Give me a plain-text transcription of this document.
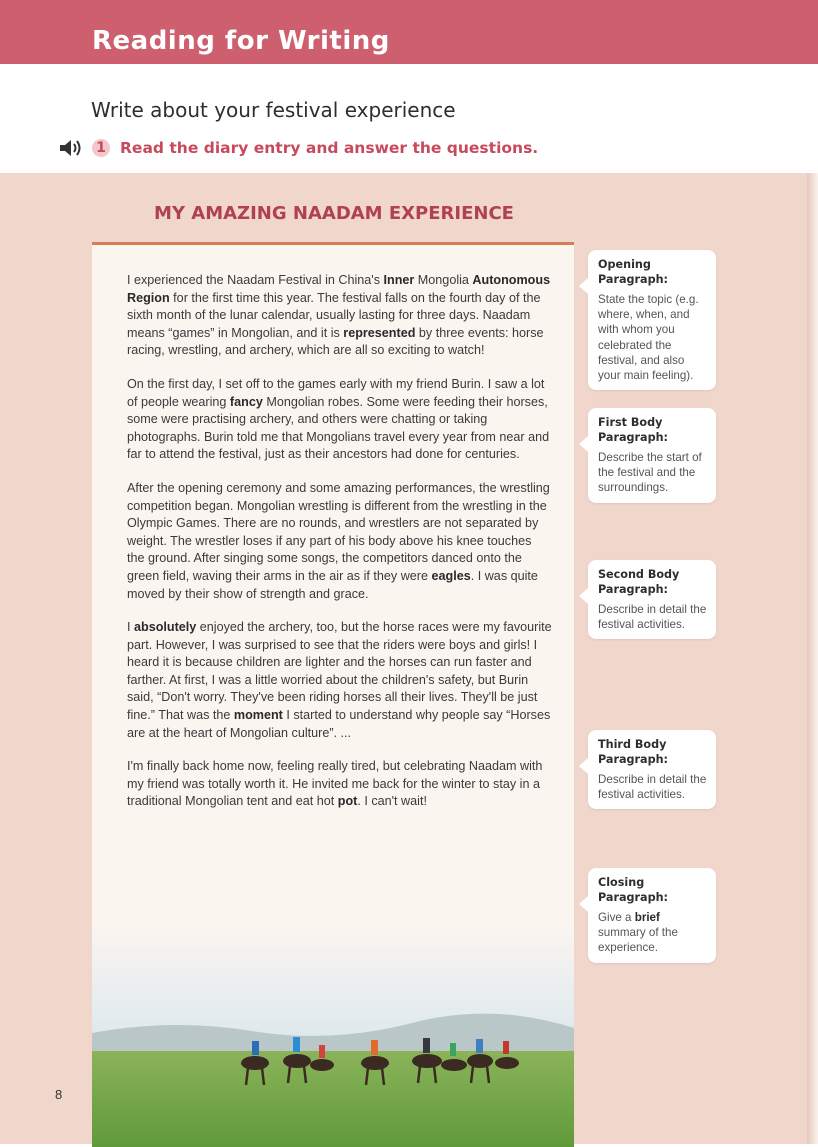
Reading for Writing
Write about your festival experience
1 Read the diary entry and answer the questions.
MY AMAZING NAADAM EXPERIENCE

I experienced the Naadam Festival in China's Inner Mongolia Autonomous Region for the first time this year. The festival falls on the fourth day of the sixth month of the lunar calendar, usually lasting for three days. Naadam means “games” in Mongolian, and it is represented by three events: horse racing, wrestling, and archery, which are all so exciting to watch!

On the first day, I set off to the games early with my friend Burin. I saw a lot of people wearing fancy Mongolian robes. Some were feeding their horses, some were practising archery, and others were chatting or taking photographs. Burin told me that Mongolians travel every year from near and far to attend the festival, just as their ancestors had done for centuries.

After the opening ceremony and some amazing performances, the wrestling competition began. Mongolian wrestling is different from the wrestling in the Olympic Games. There are no rounds, and wrestlers are not separated by weight. The wrestler loses if any part of his body above his knee touches the ground. After singing some songs, the competitors danced onto the green field, waving their arms in the air as if they were eagles. I was quite moved by their show of strength and grace.

I absolutely enjoyed the archery, too, but the horse races were my favourite part. However, I was surprised to see that the riders were boys and girls! I heard it is because children are lighter and the horses can run faster and farther. At first, I was a little worried about the children's safety, but Burin said, “Don't worry. They've been riding horses all their lives. They'll be just fine.” That was the moment I started to understand why people say “Horses are at the heart of Mongolian culture”. ...

I'm finally back home now, feeling really tired, but celebrating Naadam with my friend was totally worth it. He invited me back for the winter to stay in a traditional Mongolian tent and eat hot pot. I can't wait!

Opening Paragraph:
State the topic (e.g. where, when, and with whom you celebrated the festival, and also your main feeling).
First Body Paragraph:
Describe the start of the festival and the surroundings.
Second Body Paragraph:
Describe in detail the festival activities.
Third Body Paragraph:
Describe in detail the festival activities.
Closing Paragraph:
Give a brief summary of the experience.
8
